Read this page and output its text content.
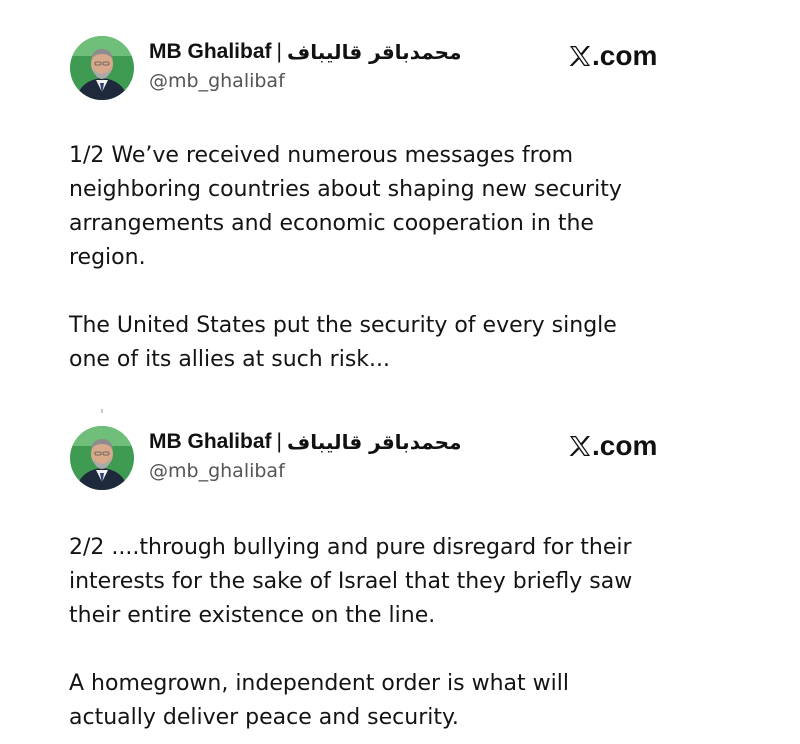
MB Ghalibaf | محمدباقر قالیباف
@mb_ghalibaf
.com

1/2 We’ve received numerous messages from
neighboring countries about shaping new security
arrangements and economic cooperation in the
region.

The United States put the security of every single
one of its allies at such risk...

MB Ghalibaf | محمدباقر قالیباف
@mb_ghalibaf
.com

2/2 ....through bullying and pure disregard for their
interests for the sake of Israel that they briefly saw
their entire existence on the line.

A homegrown, independent order is what will
actually deliver peace and security.
